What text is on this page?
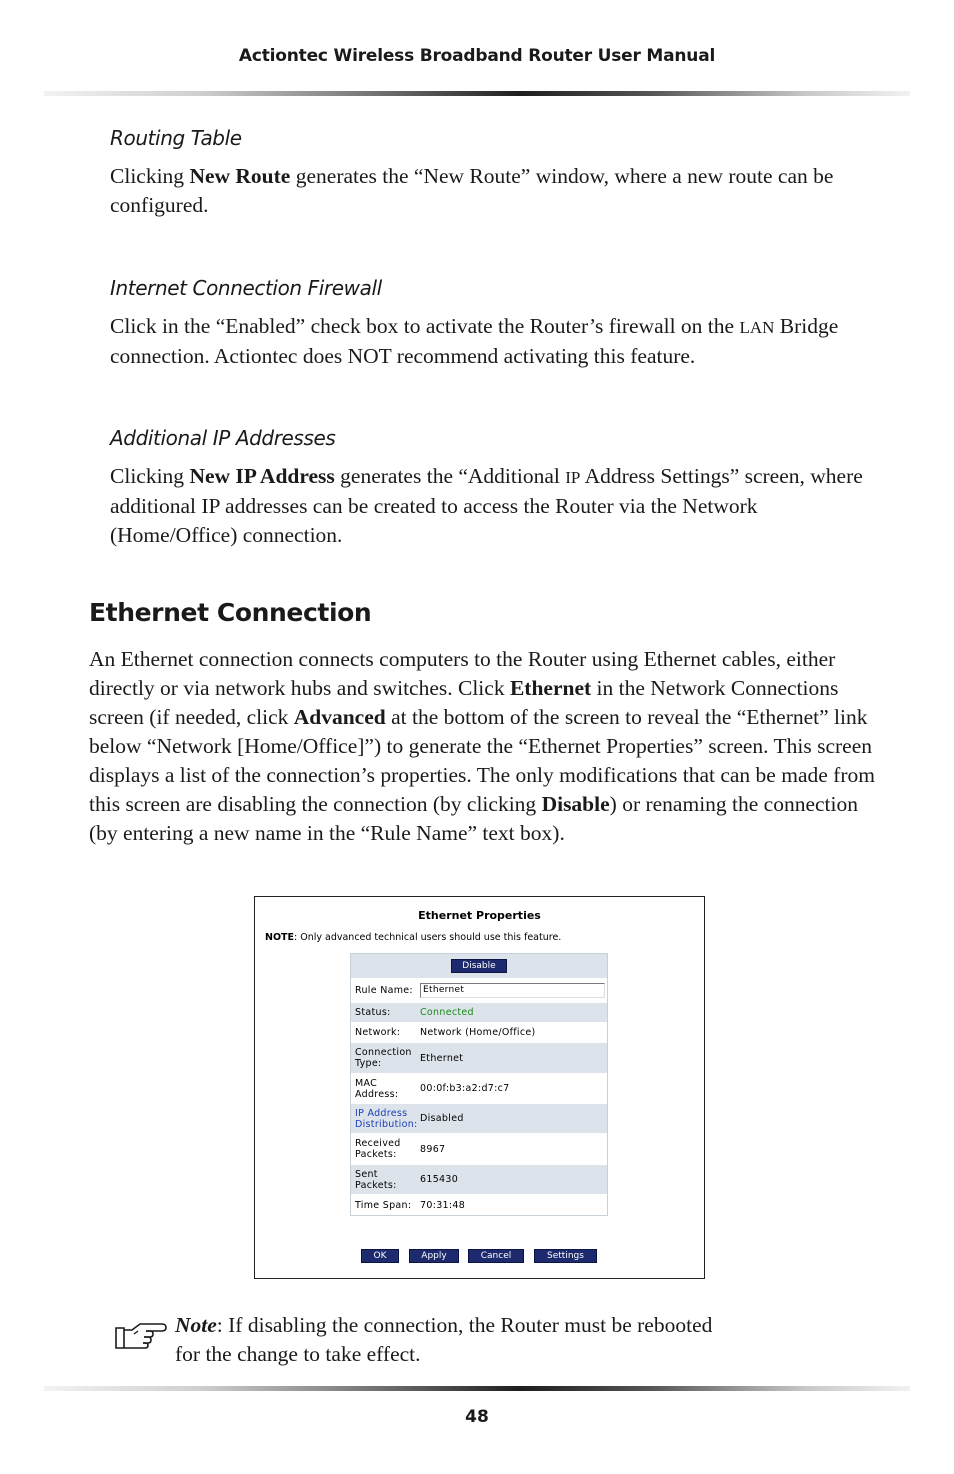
Actiontec Wireless Broadband Router User Manual
Routing Table
Clicking New Route generates the “New Route” window, where a new route can be configured.
Internet Connection Firewall
Click in the “Enabled” check box to activate the Router’s firewall on the LAN Bridge connection. Actiontec does NOT recommend activating this feature.
Additional IP Addresses
Clicking New IP Address generates the “Additional IP Address Settings” screen, where additional IP addresses can be created to access the Router via the Network (Home/Office) connection.
Ethernet Connection
An Ethernet connection connects computers to the Router using Ethernet cables, either directly or via network hubs and switches. Click Ethernet in the Network Connections screen (if needed, click Advanced at the bottom of the screen to reveal the “Ethernet” link below “Network [Home/Office]”) to generate the “Ethernet Properties” screen. This screen displays a list of the connection’s properties. The only modifications that can be made from this screen are disabling the connection (by clicking Disable) or renaming the connection (by entering a new name in the “Rule Name” text box).
Ethernet Properties
NOTE: Only advanced technical users should use this feature.
Disable
Rule Name:	Ethernet
Status:	Connected
Network:	Network (Home/Office)
Connection Type:	Ethernet
MAC Address:	00:0f:b3:a2:d7:c7
IP Address Distribution: Disabled
Received Packets:	8967
Sent Packets:	615430
Time Span: 70:31:48
OK	Apply	Cancel	Settings
Note: If disabling the connection, the Router must be rebooted
for the change to take effect.
48
